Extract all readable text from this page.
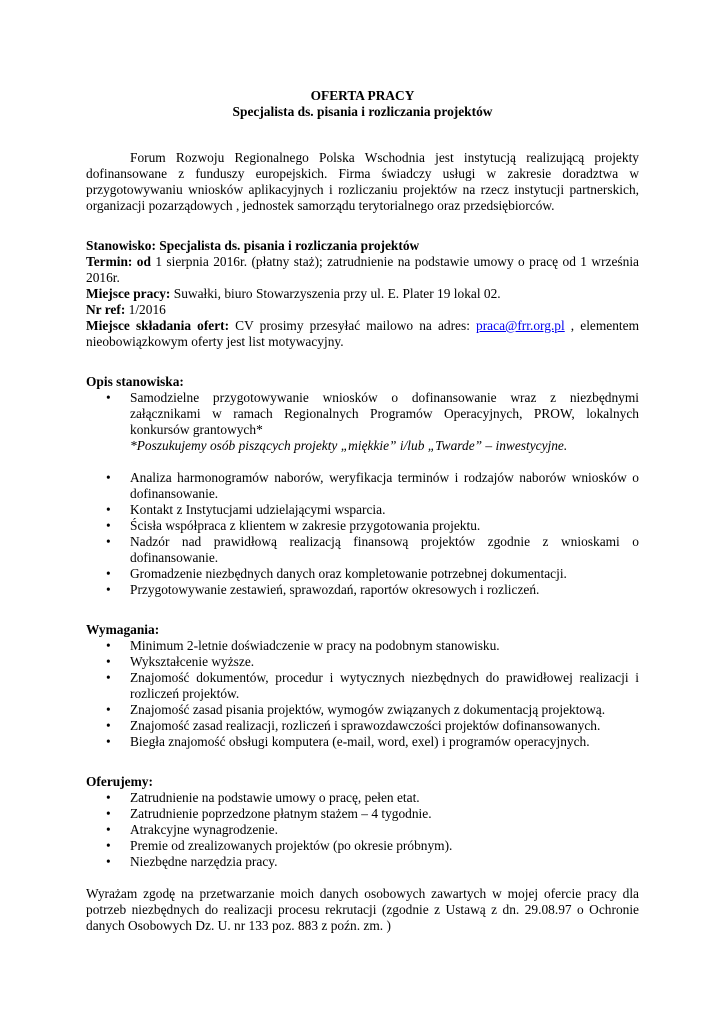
OFERTA PRACY

Specjalista ds. pisania i rozliczania projektów

Forum Rozwoju Regionalnego Polska Wschodnia jest instytucją realizującą projekty dofinansowane z funduszy europejskich. Firma świadczy usługi w zakresie doradztwa w przygotowywaniu wniosków aplikacyjnych i rozliczaniu projektów na rzecz instytucji partnerskich, organizacji pozarządowych , jednostek samorządu terytorialnego oraz przedsiębiorców.

Stanowisko: Specjalista ds. pisania i rozliczania projektów

Termin: od 1 sierpnia 2016r. (płatny staż); zatrudnienie na podstawie umowy o pracę od 1 września 2016r.

Miejsce pracy: Suwałki, biuro Stowarzyszenia przy ul. E. Plater 19 lokal 02.

Nr ref: 1/2016

Miejsce składania ofert: CV prosimy przesyłać mailowo na adres: praca@frr.org.pl , elementem nieobowiązkowym oferty jest list motywacyjny.

Opis stanowiska:
• Samodzielne przygotowywanie wniosków o dofinansowanie wraz z niezbędnymi załącznikami w ramach Regionalnych Programów Operacyjnych, PROW, lokalnych konkursów grantowych*
*Poszukujemy osób piszących projekty „miękkie” i/lub „Twarde” – inwestycyjne.
• Analiza harmonogramów naborów, weryfikacja terminów i rodzajów naborów wniosków o dofinansowanie.
• Kontakt z Instytucjami udzielającymi wsparcia.
• Ścisła współpraca z klientem w zakresie przygotowania projektu.
• Nadzór nad prawidłową realizacją finansową projektów zgodnie z wnioskami o dofinansowanie.
• Gromadzenie niezbędnych danych oraz kompletowanie potrzebnej dokumentacji.
• Przygotowywanie zestawień, sprawozdań, raportów okresowych i rozliczeń.
Wymagania:
• Minimum 2-letnie doświadczenie w pracy na podobnym stanowisku.
• Wykształcenie wyższe.
• Znajomość dokumentów, procedur i wytycznych niezbędnych do prawidłowej realizacji i rozliczeń projektów.
• Znajomość zasad pisania projektów, wymogów związanych z dokumentacją projektową.
• Znajomość zasad realizacji, rozliczeń i sprawozdawczości projektów dofinansowanych.
• Biegła znajomość obsługi komputera (e-mail, word, exel) i programów operacyjnych.
Oferujemy:
• Zatrudnienie na podstawie umowy o pracę, pełen etat.
• Zatrudnienie poprzedzone płatnym stażem – 4 tygodnie.
• Atrakcyjne wynagrodzenie.
• Premie od zrealizowanych projektów (po okresie próbnym).
• Niezbędne narzędzia pracy.

Wyrażam zgodę na przetwarzanie moich danych osobowych zawartych w mojej ofercie pracy dla potrzeb niezbędnych do realizacji procesu rekrutacji (zgodnie z Ustawą z dn. 29.08.97 o Ochronie danych Osobowych Dz. U. nr 133 poz. 883 z poźn. zm. )
